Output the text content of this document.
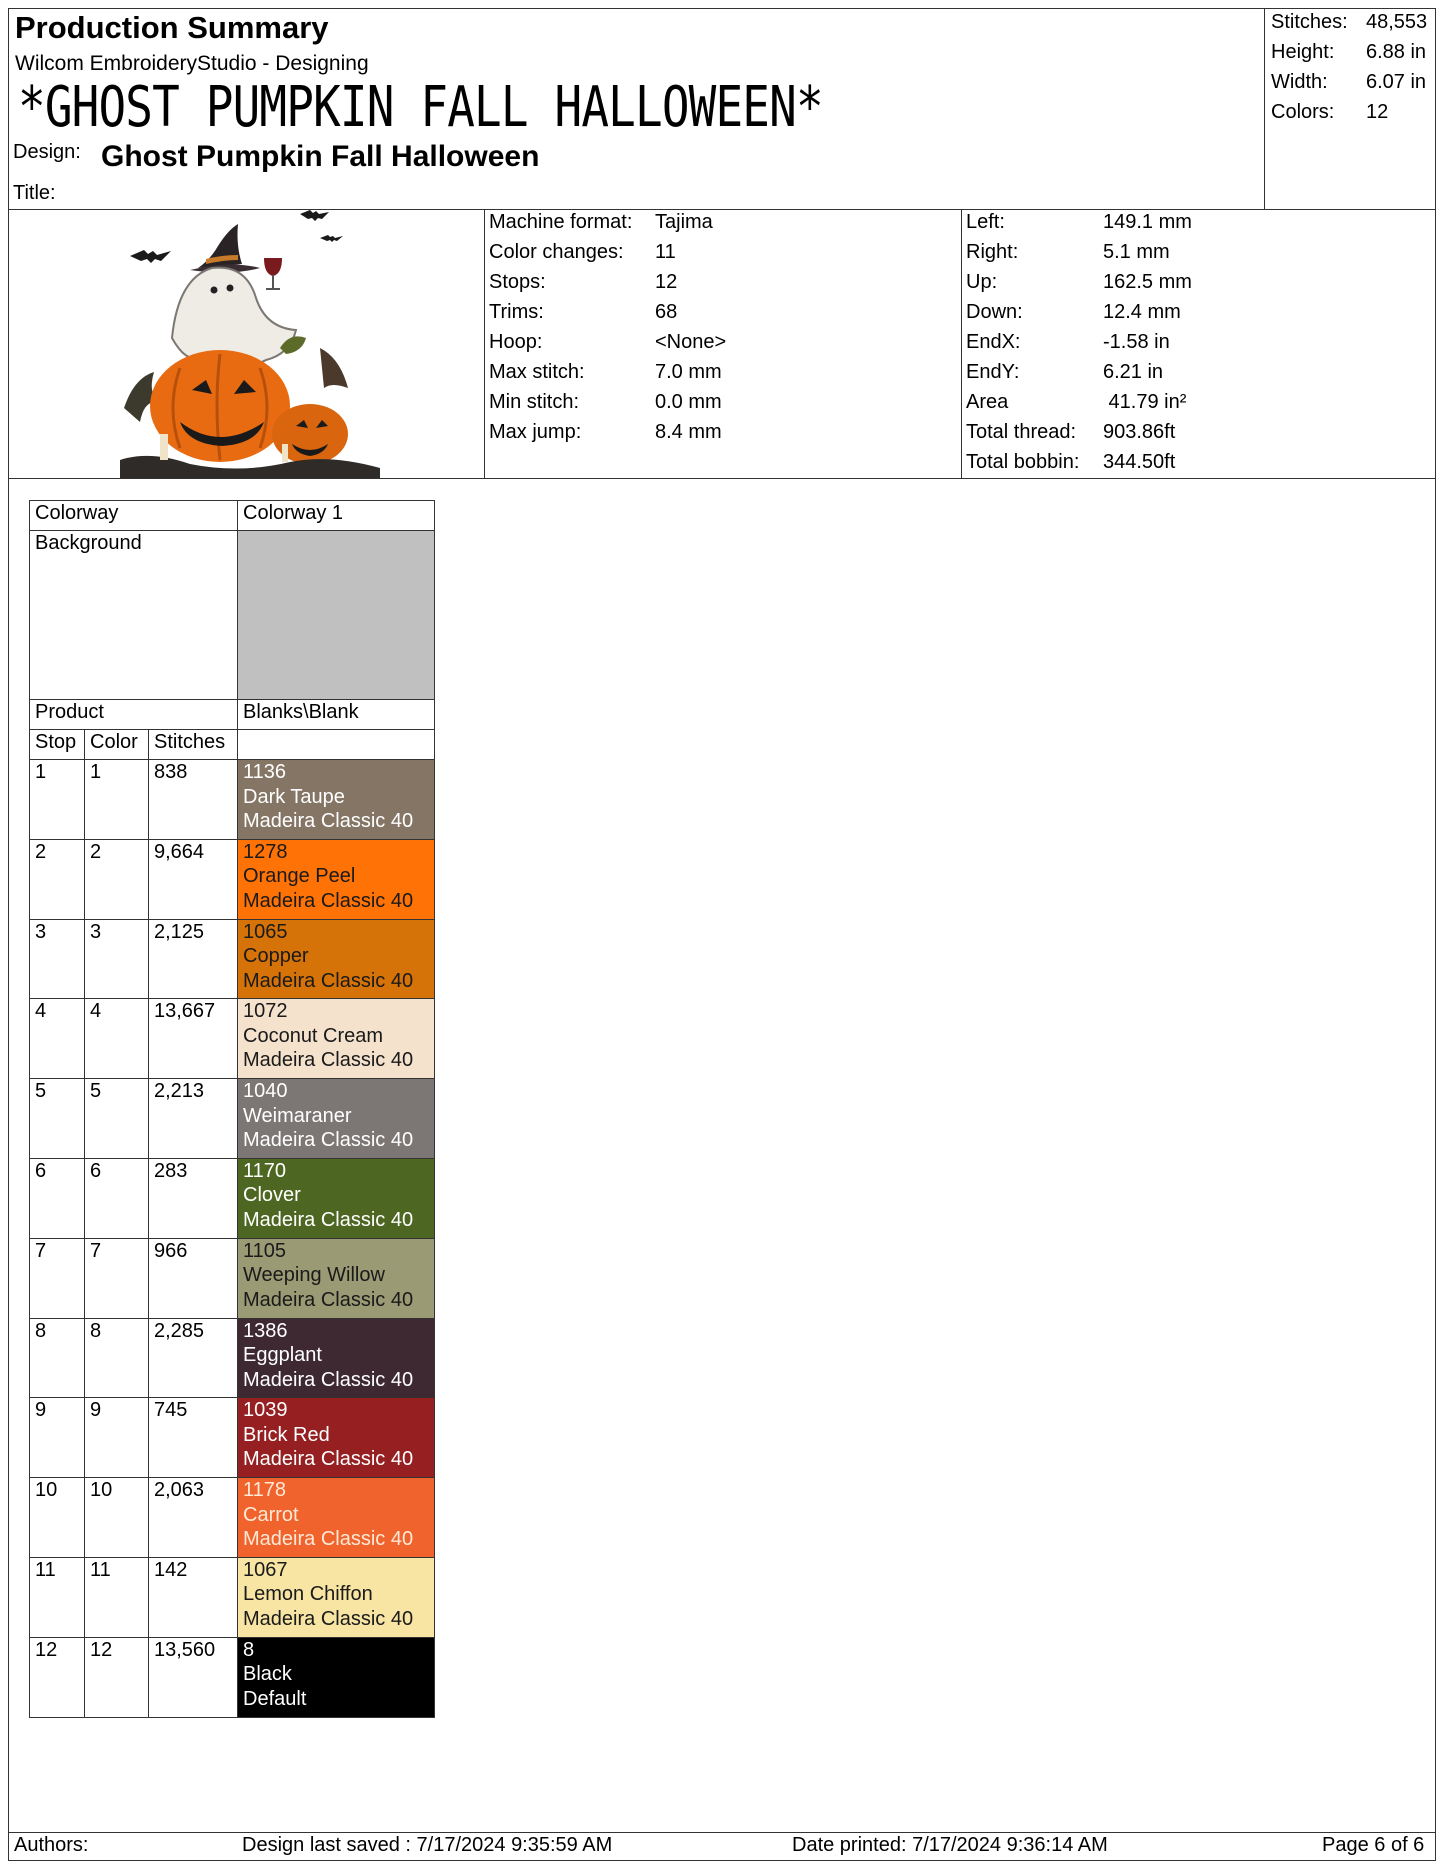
Production Summary
Wilcom EmbroideryStudio - Designing
*GHOST PUMPKIN FALL HALLOWEEN*
Design: Ghost Pumpkin Fall Halloween
Title:
Stitches: 48,553
Height:	6.88 in
Width:	6.07 in
Colors:	12
Machine format:	Tajima
Color changes:	11
Stops:	12
Trims:	68
Hoop:	<None>
Max stitch:	7.0 mm
Min stitch:	0.0 mm
Max jump:	8.4 mm
Left:	149.1 mm
Right:	5.1 mm
Up:	162.5 mm
Down:	12.4 mm
EndX:	-1.58 in
EndY:	6.21 in
Area	41.79 in²
Total thread:	903.86ft
Total bobbin:	344.50ft
Colorway			Colorway 1
Background			
Product			Blanks\Blank
Stop	Color	Stitches	
1	1	838	1136
Dark Taupe
Madeira Classic 40

2	2	9,664	1278
Orange Peel
Madeira Classic 40

3	3	2,125	1065
Copper
Madeira Classic 40

4	4	13,667	1072
Coconut Cream
Madeira Classic 40

5	5	2,213	1040
Weimaraner
Madeira Classic 40

6	6	283	1170
Clover
Madeira Classic 40

7	7	966	1105
Weeping Willow
Madeira Classic 40

8	8	2,285	1386
Eggplant
Madeira Classic 40

9	9	745	1039
Brick Red
Madeira Classic 40

10	10	2,063	1178
Carrot
Madeira Classic 40

11	11	142	1067
Lemon Chiffon
Madeira Classic 40

12	12	13,560	8
Black
Default
Authors:	Design last saved : 7/17/2024 9:35:59 AM	Date printed: 7/17/2024 9:36:14 AM	Page 6 of 6
